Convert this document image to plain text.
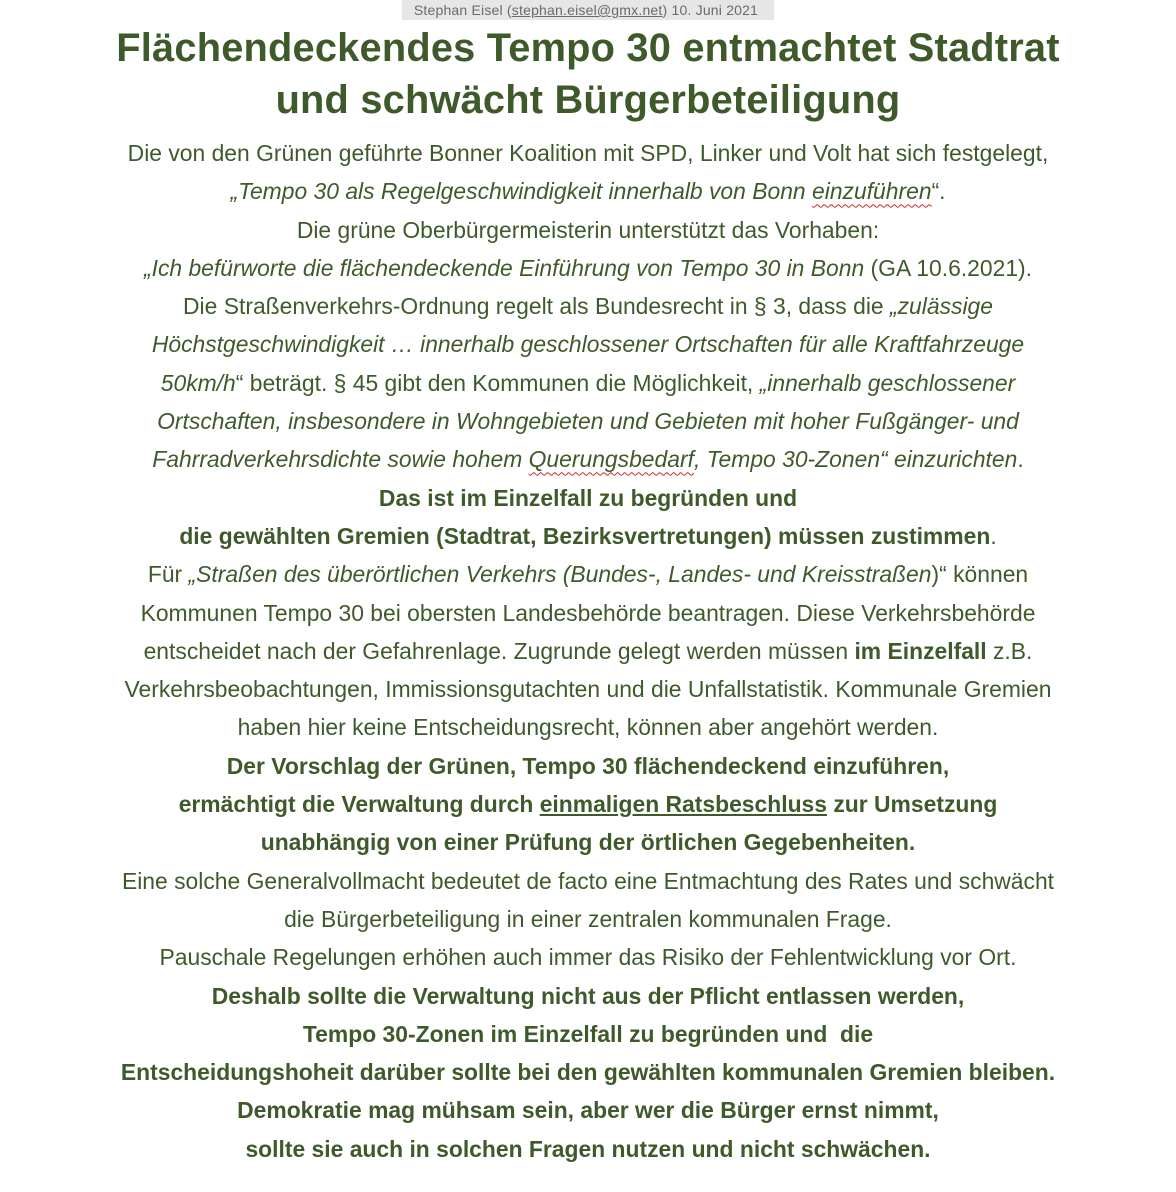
Stephan Eisel (stephan.eisel@gmx.net) 10. Juni 2021
Flächendeckendes Tempo 30 entmachtet Stadtrat
und schwächt Bürgerbeteiligung
Die von den Grünen geführte Bonner Koalition mit SPD, Linker und Volt hat sich festgelegt,
„Tempo 30 als Regelgeschwindigkeit innerhalb von Bonn einzuführen“.
Die grüne Oberbürgermeisterin unterstützt das Vorhaben:
„Ich befürworte die flächendeckende Einführung von Tempo 30 in Bonn (GA 10.6.2021).
Die Straßenverkehrs-Ordnung regelt als Bundesrecht in § 3, dass die „zulässige
Höchstgeschwindigkeit … innerhalb geschlossener Ortschaften für alle Kraftfahrzeuge
50km/h“ beträgt. § 45 gibt den Kommunen die Möglichkeit, „innerhalb geschlossener
Ortschaften, insbesondere in Wohngebieten und Gebieten mit hoher Fußgänger- und
Fahrradverkehrsdichte sowie hohem Querungsbedarf, Tempo 30-Zonen“ einzurichten.
Das ist im Einzelfall zu begründen und
die gewählten Gremien (Stadtrat, Bezirksvertretungen) müssen zustimmen.
Für „Straßen des überörtlichen Verkehrs (Bundes-, Landes- und Kreisstraßen)“ können
Kommunen Tempo 30 bei obersten Landesbehörde beantragen. Diese Verkehrsbehörde
entscheidet nach der Gefahrenlage. Zugrunde gelegt werden müssen im Einzelfall z.B.
Verkehrsbeobachtungen, Immissionsgutachten und die Unfallstatistik. Kommunale Gremien
haben hier keine Entscheidungsrecht, können aber angehört werden.
Der Vorschlag der Grünen, Tempo 30 flächendeckend einzuführen,
ermächtigt die Verwaltung durch einmaligen Ratsbeschluss zur Umsetzung
unabhängig von einer Prüfung der örtlichen Gegebenheiten.
Eine solche Generalvollmacht bedeutet de facto eine Entmachtung des Rates und schwächt
die Bürgerbeteiligung in einer zentralen kommunalen Frage.
Pauschale Regelungen erhöhen auch immer das Risiko der Fehlentwicklung vor Ort.
Deshalb sollte die Verwaltung nicht aus der Pflicht entlassen werden,
Tempo 30-Zonen im Einzelfall zu begründen und  die
Entscheidungshoheit darüber sollte bei den gewählten kommunalen Gremien bleiben.
Demokratie mag mühsam sein, aber wer die Bürger ernst nimmt,
sollte sie auch in solchen Fragen nutzen und nicht schwächen.
